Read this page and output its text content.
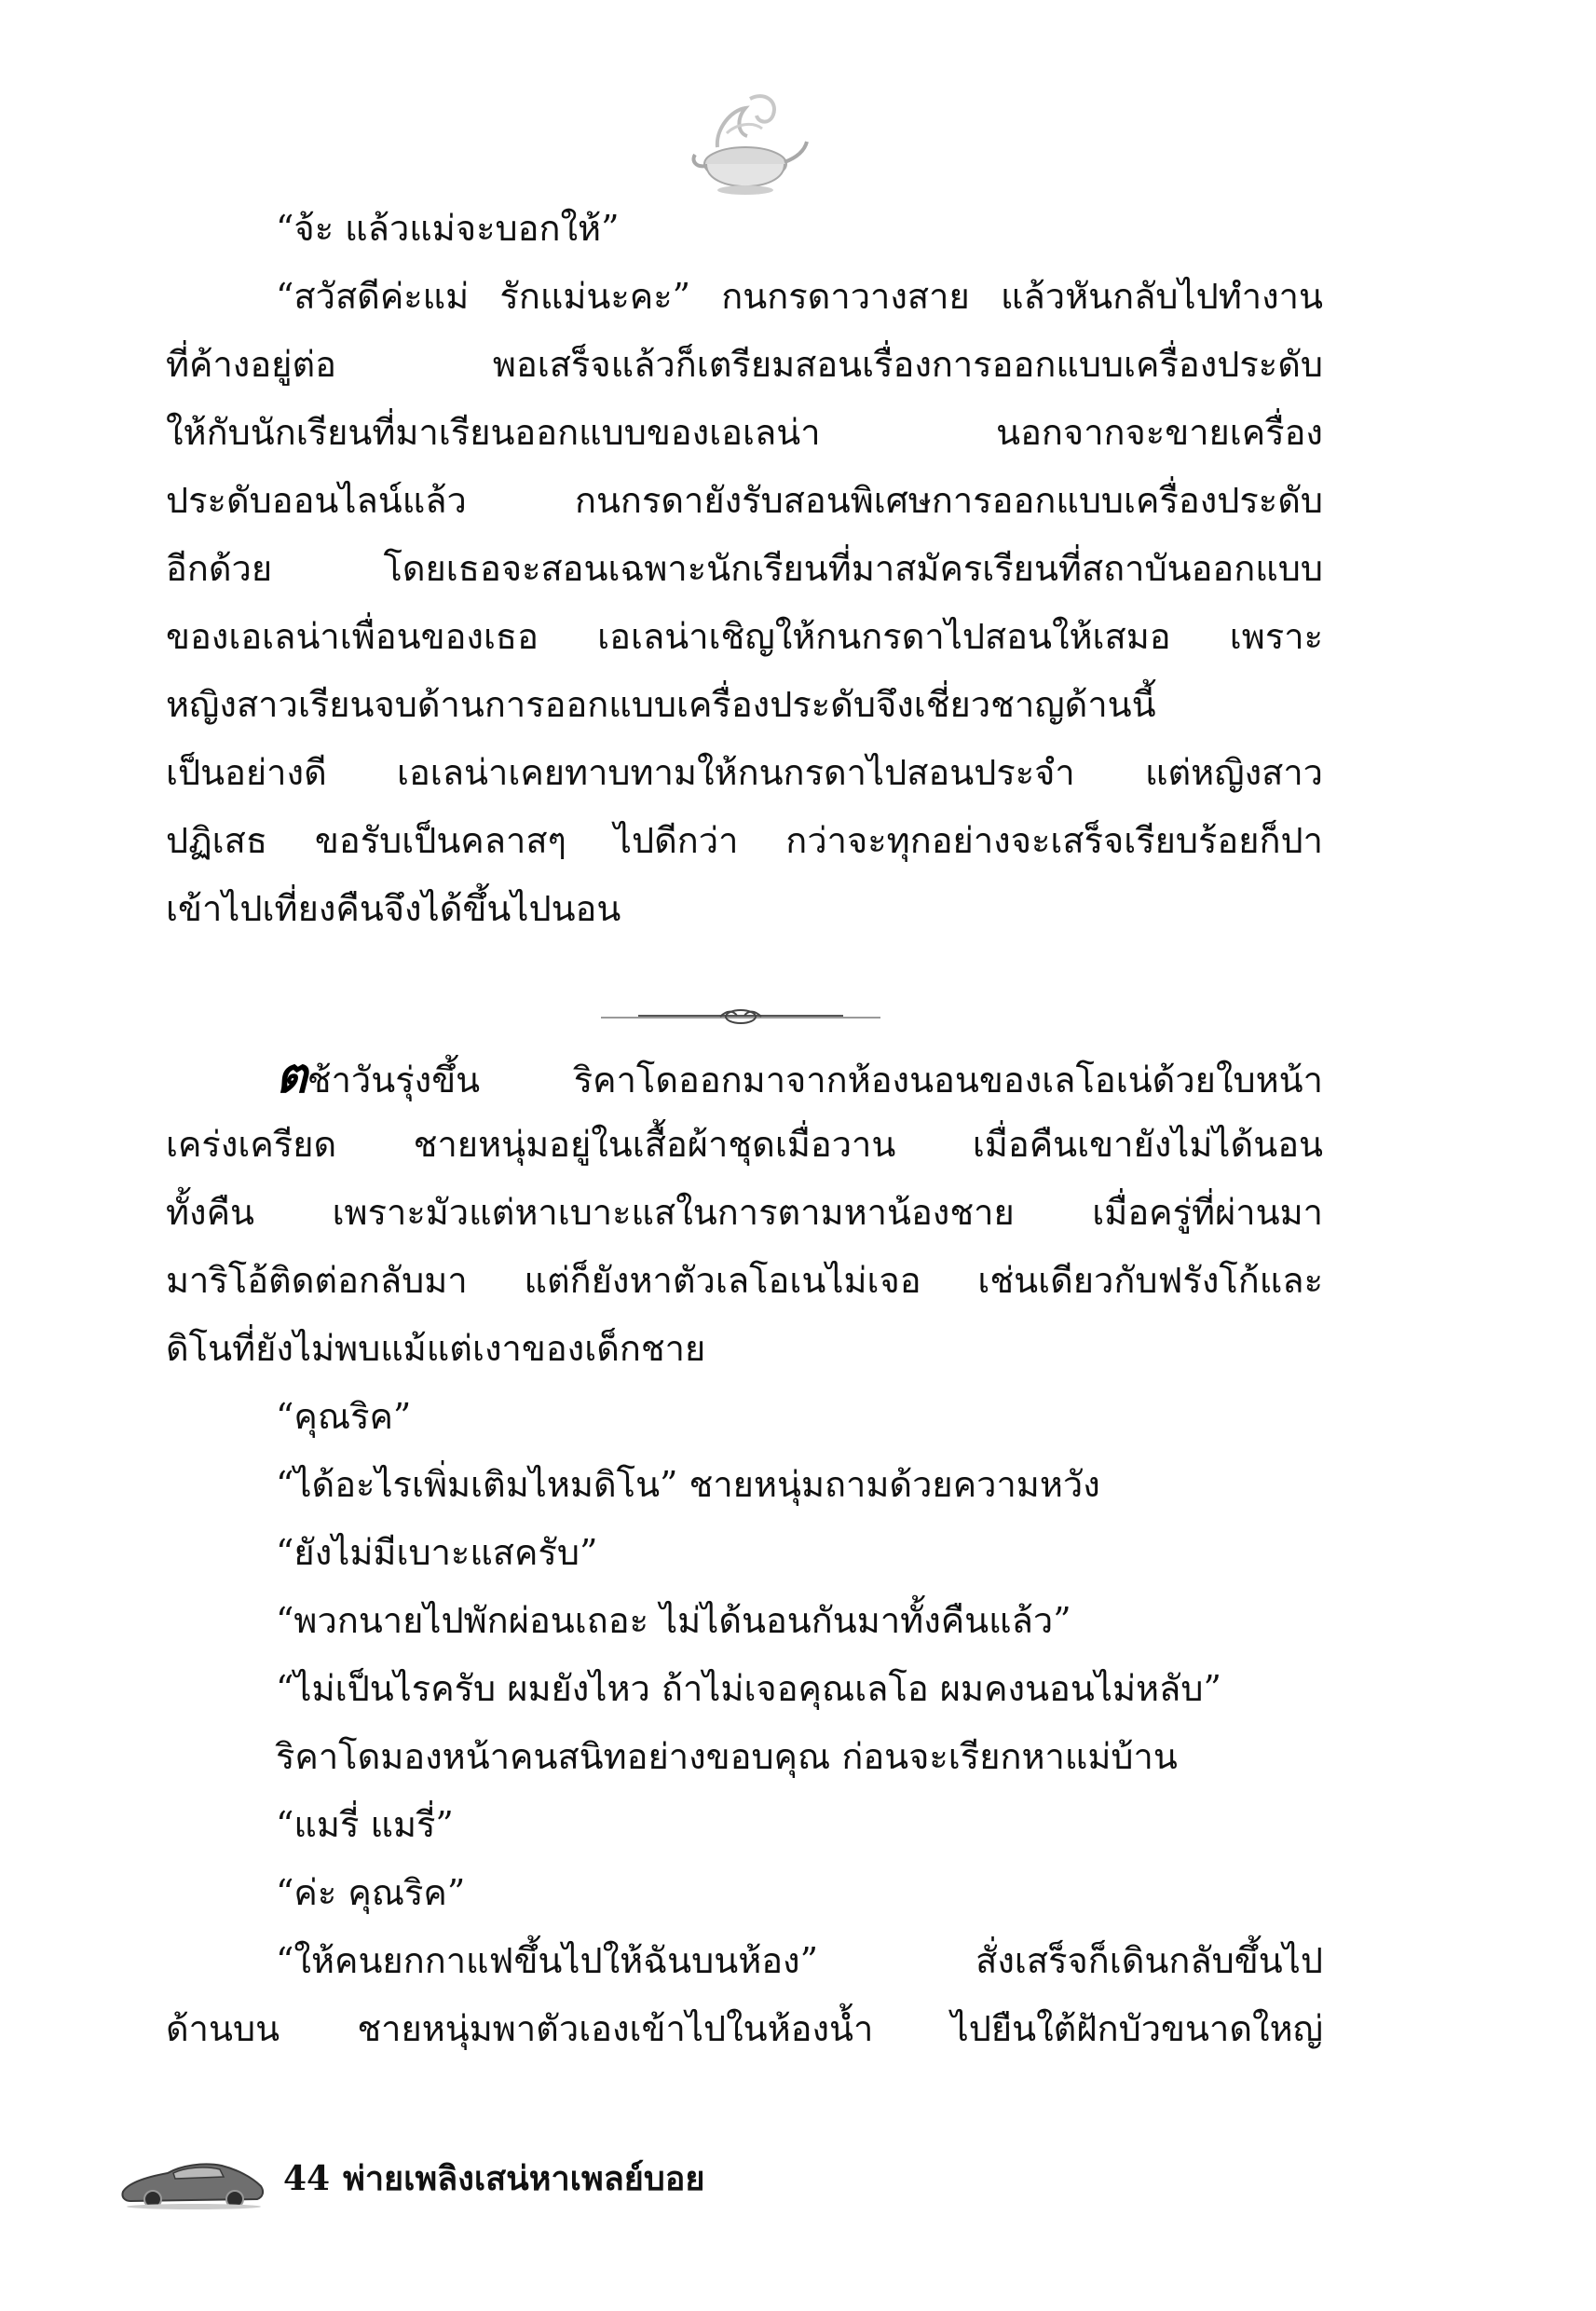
“จ้ะ แล้วแม่จะบอกให้”
“สวัสดีค่ะแม่ รักแม่นะคะ” กนกรดาวางสาย แล้วหันกลับไปทำงาน
ที่ค้างอยู่ต่อ พอเสร็จแล้วก็เตรียมสอนเรื่องการออกแบบเครื่องประดับ
ให้กับนักเรียนที่มาเรียนออกแบบของเอเลน่า นอกจากจะขายเครื่อง
ประดับออนไลน์แล้ว กนกรดายังรับสอนพิเศษการออกแบบเครื่องประดับ
อีกด้วย โดยเธอจะสอนเฉพาะนักเรียนที่มาสมัครเรียนที่สถาบันออกแบบ
ของเอเลน่าเพื่อนของเธอ เอเลน่าเชิญให้กนกรดาไปสอนให้เสมอ เพราะ
หญิงสาวเรียนจบด้านการออกแบบเครื่องประดับจึงเชี่ยวชาญด้านนี้
เป็นอย่างดี เอเลน่าเคยทาบทามให้กนกรดาไปสอนประจำ แต่หญิงสาว
ปฏิเสธ ขอรับเป็นคลาสๆ ไปดีกว่า กว่าจะทุกอย่างจะเสร็จเรียบร้อยก็ปา
เข้าไปเที่ยงคืนจึงได้ขึ้นไปนอน
ตช้าวันรุ่งขึ้น ริคาโดออกมาจากห้องนอนของเลโอเน่ด้วยใบหน้า
เคร่งเครียด ชายหนุ่มอยู่ในเสื้อผ้าชุดเมื่อวาน เมื่อคืนเขายังไม่ได้นอน
ทั้งคืน เพราะมัวแต่หาเบาะแสในการตามหาน้องชาย เมื่อครู่ที่ผ่านมา
มาริโอ้ติดต่อกลับมา แต่ก็ยังหาตัวเลโอเนไม่เจอ เช่นเดียวกับฟรังโก้และ
ดิโนที่ยังไม่พบแม้แต่เงาของเด็กชาย
“คุณริค”
“ได้อะไรเพิ่มเติมไหมดิโน” ชายหนุ่มถามด้วยความหวัง
“ยังไม่มีเบาะแสครับ”
“พวกนายไปพักผ่อนเถอะ ไม่ได้นอนกันมาทั้งคืนแล้ว”
“ไม่เป็นไรครับ ผมยังไหว ถ้าไม่เจอคุณเลโอ ผมคงนอนไม่หลับ”
ริคาโดมองหน้าคนสนิทอย่างขอบคุณ ก่อนจะเรียกหาแม่บ้าน
“แมรี่ แมรี่”
“ค่ะ คุณริค”
“ให้คนยกกาแฟขึ้นไปให้ฉันบนห้อง” สั่งเสร็จก็เดินกลับขึ้นไป
ด้านบน ชายหนุ่มพาตัวเองเข้าไปในห้องน้ำ ไปยืนใต้ฝักบัวขนาดใหญ่
44 พ่ายเพลิงเสน่หาเพลย์บอย
